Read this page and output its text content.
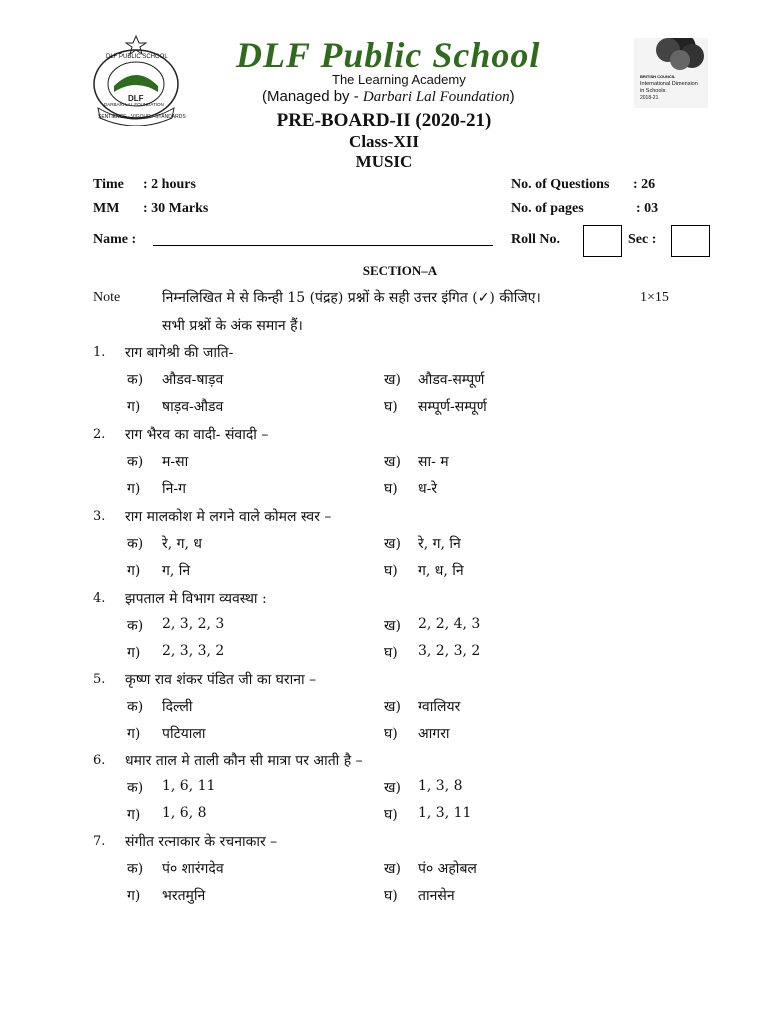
DLF PUBLIC SCHOOL
DLF
DARBARI LAL FOUNDATION
SENTIENCE · VIGOUR · STANDARDS
DLF Public School
The Learning Academy
(Managed by - Darbari Lal Foundation)
BRITISH COUNCIL
International Dimension in Schools
2018-21
PRE-BOARD-II (2020-21)
Class-XII
MUSIC
Time : 2 hours
MM : 30 Marks
No. of Questions : 26
No. of pages	: 03
Name :	Roll No.	Sec :
SECTION–A
Note	निम्नलिखित मे से किन्ही 15 (पंद्रह) प्रश्नों के सही उत्तर इंगित (✓) कीजिए।
सभी प्रश्नों के अंक समान हैं।
1×15
1. राग बागेश्री की जाति-
क) औडव-षाड़व	ख) औडव-सम्पूर्ण
ग) षाड़व-औडव	घ) सम्पूर्ण-सम्पूर्ण
2. राग भैरव का वादी- संवादी –
क) म-सा	ख) सा- म
ग) नि-ग	घ) ध-रे
3. राग मालकोश मे लगने वाले कोमल स्वर –
क) रे, ग, ध	ख) रे, ग, नि
ग) ग, नि	घ) ग, ध, नि
4. झपताल मे विभाग व्यवस्था :
क) 2, 3, 2, 3	ख) 2, 2, 4, 3
ग) 2, 3, 3, 2	घ) 3, 2, 3, 2
5. कृष्ण राव शंकर पंडित जी का घराना –
क) दिल्ली	ख) ग्वालियर
ग) पटियाला	घ) आगरा
6. धमार ताल मे ताली कौन सी मात्रा पर आती है –
क) 1, 6, 11	ख) 1, 3, 8
ग) 1, 6, 8	घ) 1, 3, 11
7. संगीत रत्नाकार के रचनाकार –
क) पं० शारंगदेव	ख) पं० अहोबल
ग) भरतमुनि	घ) तानसेन
